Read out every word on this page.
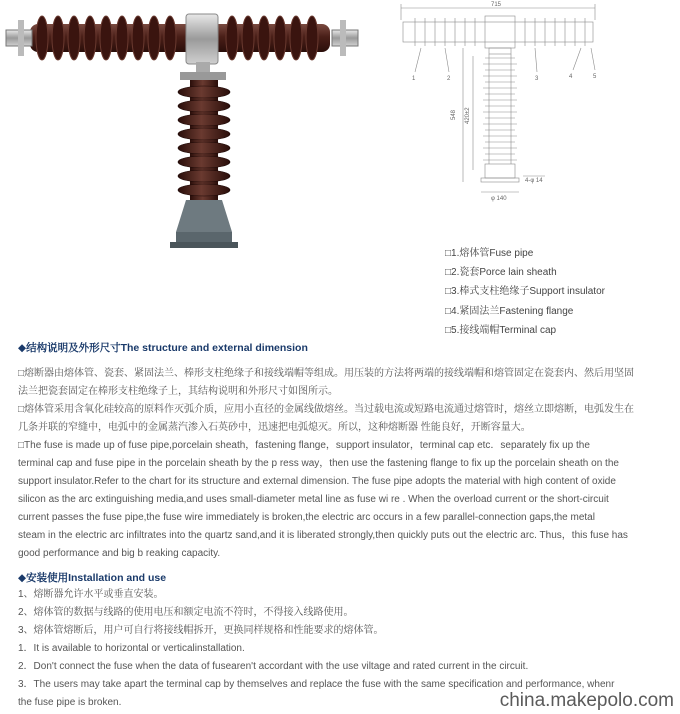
715
548 420±2
φ 140
4-φ 14
1	2	3	4	5
□1.熔体管Fuse pipe
□2.瓷套Porce lain sheath
□3.棒式支柱绝缘子Support insulator
□4.紧固法兰Fastening flange
□5.接线端帽Terminal cap
◆结构说明及外形尺寸The structure and external dimension

□熔断器由熔体管、瓷套、紧固法兰、棒形支柱绝缘子和接线端帽等组成。用压装的方法将两端的接线端帽和熔管固定在瓷套内、然后用坚固

法兰把瓷套固定在棒形支柱绝缘子上，其结构说明和外形尺寸如图所示。

□熔体管采用含氧化硅较高的原料作灭弧介质，应用小直径的金属线做熔丝。当过载电流或短路电流通过熔管时，熔丝立即熔断，电弧发生在

几条并联的窄缝中，电弧中的金属蒸汽渗入石英砂中，迅速把电弧熄灭。所以，这种熔断器 性能良好，开断容量大。

□The fuse is made up of fuse pipe,porcelain sheath，fastening flange，support insulator，terminal cap etc．separately fix up the

terminal cap and fuse pipe in the porcelain sheath by the p ress way，then use the fastening flange to fix up the porcelain sheath on the

support insulator.Refer to the chart for its structure and external dimension. The fuse pipe adopts the material with high content of oxide

silicon as the arc extinguishing media,and uses small-diameter metal line as fuse wi re . When the overload current or the short-circuit

current passes the fuse pipe,the fuse wire immediately is broken,the electric arc occurs in a few parallel-connection gaps,the metal

steam in the electric arc infiltrates into the quartz sand,and it is liberated strongly,then quickly puts out the electric arc. Thus，this fuse has

good performance and big b reaking capacity.

◆安装使用Installation and use

1、熔断器允许水平或垂直安装。

2、熔体管的数据与线路的使用电压和额定电流不符时，不得接入线路使用。

3、熔体管熔断后，用户可自行将接线帽拆开，更换同样规格和性能要求的熔体管。

1．It is available to horizontal or verticalinstallation.

2．Don't connect the fuse when the data of fusearen't accordant with the use viltage and rated current in the circuit.

3．The users may take apart the terminal cap by themselves and replace the fuse with the same specification and performance, whenr

the fuse pipe is broken.	china.makepolo.com
